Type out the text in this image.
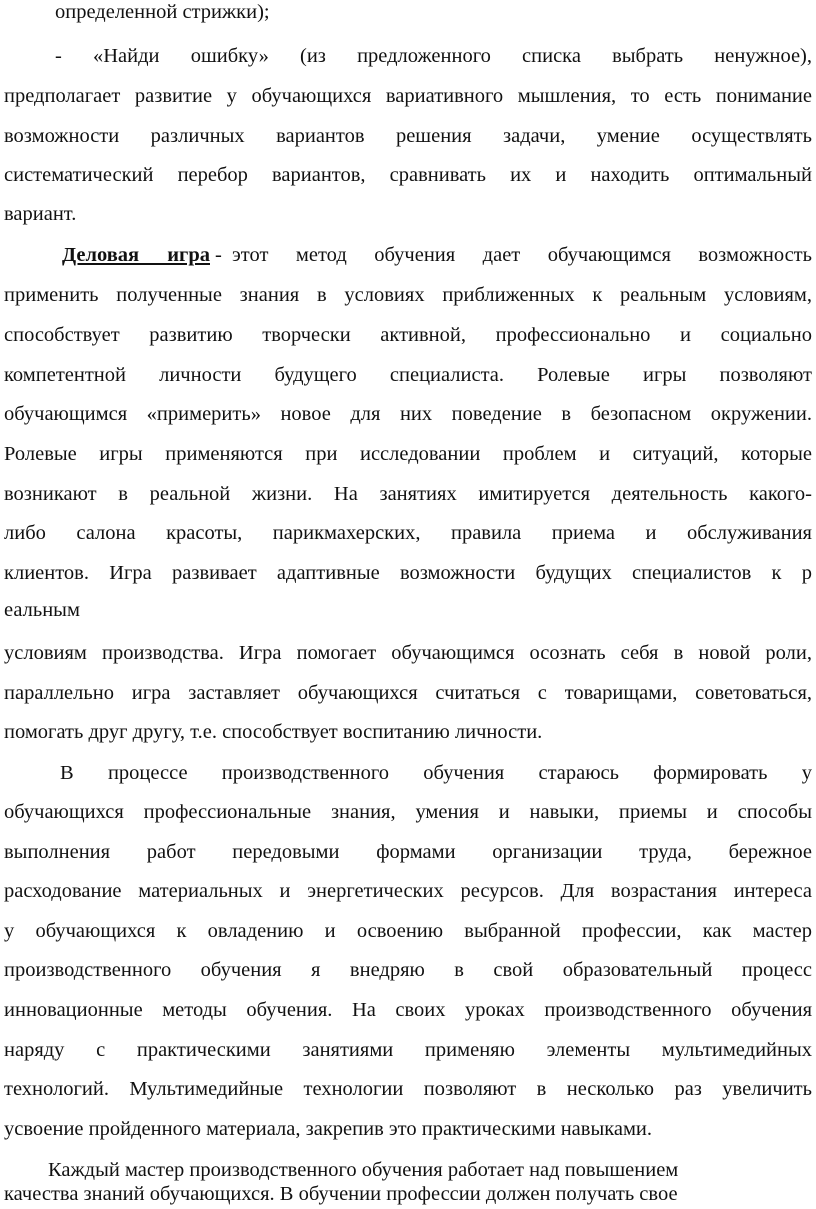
определенной стрижки);
- «Найди ошибку» (из предложенного списка выбрать ненужное),
предполагает развитие у обучающихся вариативного мышления, то есть понимание
возможности различных вариантов решения задачи, умение осуществлять
систематический перебор вариантов, сравнивать их и находить оптимальный
вариант.
Деловая игра - этот метод обучения дает обучающимся возможность
применить полученные знания в условиях приближенных к реальным условиям,
способствует развитию творчески активной, профессионально и социально
компетентной личности будущего специалиста. Ролевые игры позволяют
обучающимся «примерить» новое для них поведение в безопасном окружении.
Ролевые игры применяются при исследовании проблем и ситуаций, которые
возникают в реальной жизни. На занятиях имитируется деятельность какого-
либо салона красоты, парикмахерских, правила приема и обслуживания
клиентов. Игра развивает адаптивные возможности будущих специалистов к р
еальным
условиям производства. Игра помогает обучающимся осознать себя в новой роли,
параллельно игра заставляет обучающихся считаться с товарищами, советоваться,
помогать друг другу, т.е. способствует воспитанию личности.
В процессе производственного обучения стараюсь формировать у
обучающихся профессиональные знания, умения и навыки, приемы и способы
выполнения работ передовыми формами организации труда, бережное
расходование материальных и энергетических ресурсов. Для возрастания интереса
у обучающихся к овладению и освоению выбранной профессии, как мастер
производственного обучения я внедряю в свой образовательный процесс
инновационные методы обучения. На своих уроках производственного обучения
наряду с практическими занятиями применяю элементы мультимедийных
технологий. Мультимедийные технологии позволяют в несколько раз увеличить
усвоение пройденного материала, закрепив это практическими навыками.
Каждый мастер производственного обучения работает над повышением
качества знаний обучающихся. В обучении профессии должен получать свое
